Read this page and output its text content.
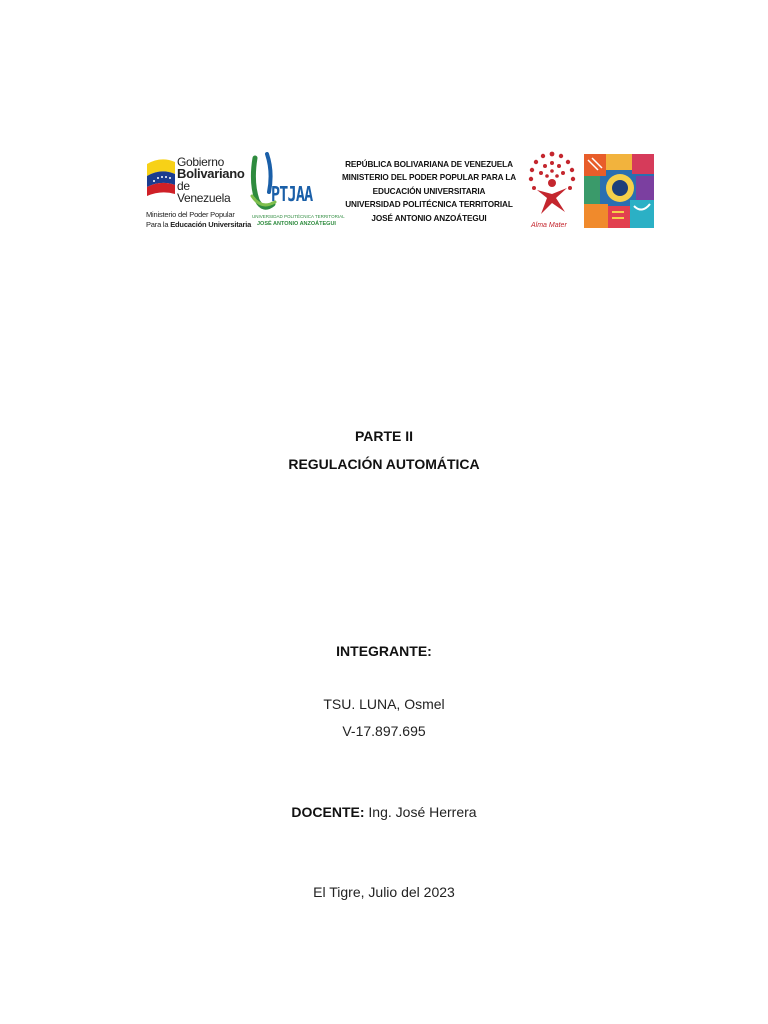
Gobierno
Bolivariano
de Venezuela
Ministerio del Poder Popular
Para la Educación Universitaria
PTJAA
UNIVERSIDAD POLITÉCNICA TERRITORIAL
JOSÉ ANTONIO ANZOÁTEGUI
REPÚBLICA BOLIVARIANA DE VENEZUELA
MINISTERIO DEL PODER POPULAR PARA LA
EDUCACIÓN UNIVERSITARIA
UNIVERSIDAD POLITÉCNICA TERRITORIAL
JOSÉ ANTONIO ANZOÁTEGUI
Alma Mater
PARTE II
REGULACIÓN AUTOMÁTICA
INTEGRANTE:
TSU. LUNA, Osmel
V-17.897.695
DOCENTE: Ing. José Herrera
El Tigre, Julio del 2023
